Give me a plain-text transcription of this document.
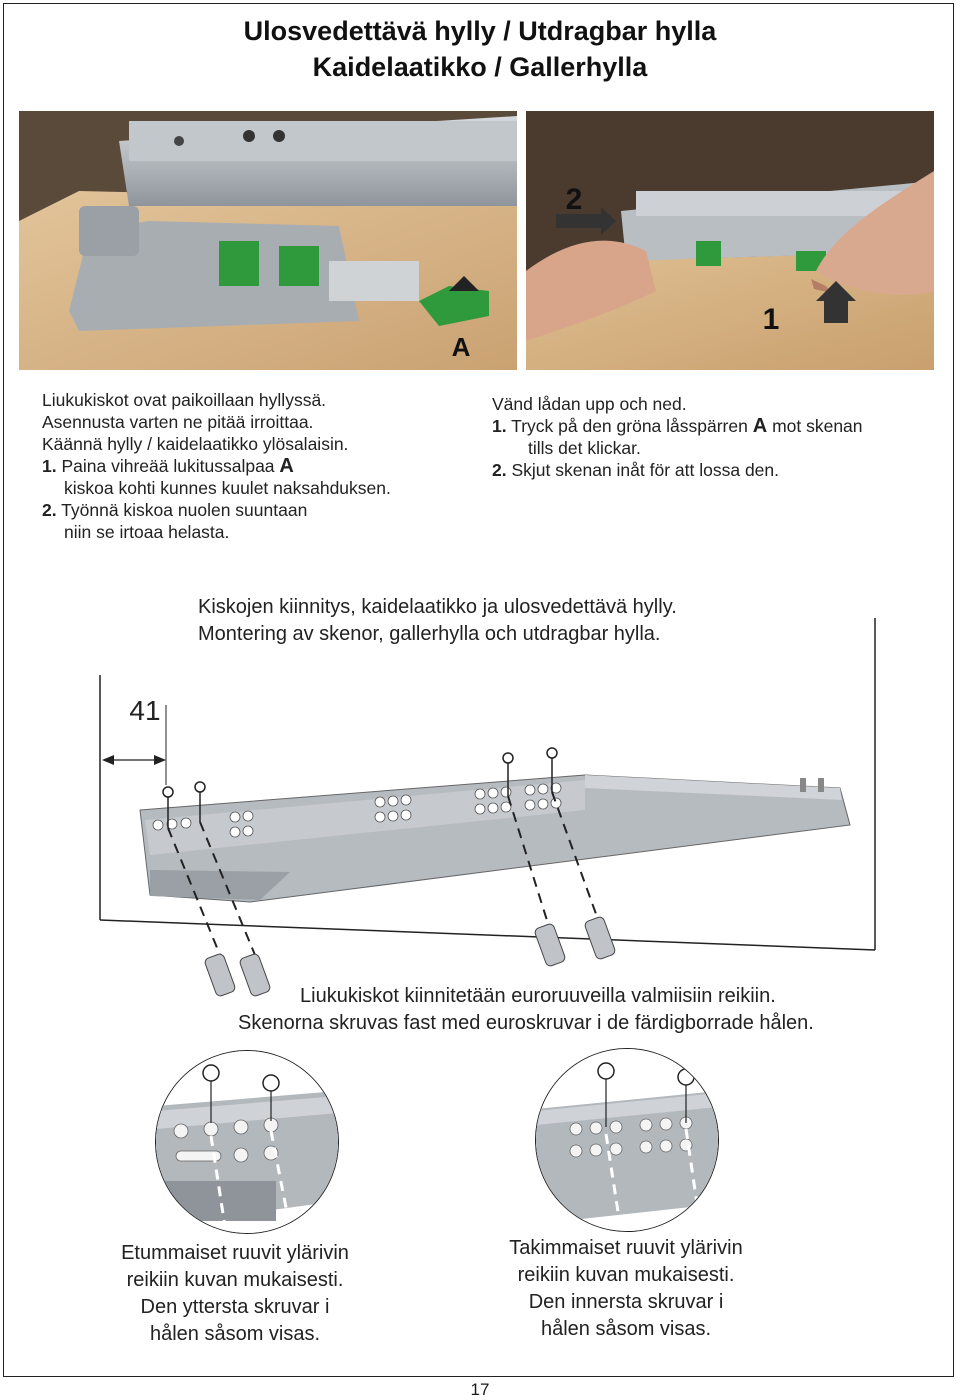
Ulosvedettävä hylly / Utdragbar hylla
Kaidelaatikko / Gallerhylla
A
2
1
Liukukiskot ovat paikoillaan hyllyssä.
Asennusta varten ne pitää irroittaa.
Käännä hylly / kaidelaatikko ylösalaisin.
1. Paina vihreää lukitussalpaa A
kiskoa kohti kunnes kuulet naksahduksen.
2. Työnnä kiskoa nuolen suuntaan
niin se irtoaa helasta.
Vänd lådan upp och ned.
1. Tryck på den gröna låsspärren A mot skenan
tills det klickar.
2. Skjut skenan inåt för att lossa den.
Kiskojen kiinnitys, kaidelaatikko ja ulosvedettävä hylly.
Montering av skenor, gallerhylla och utdragbar hylla.
41
Liukukiskot kiinnitetään euroruuveilla valmiisiin reikiin.
Skenorna skruvas fast med euroskruvar i de färdigborrade hålen.
Etummaiset ruuvit ylärivin
reikiin kuvan mukaisesti.
Den yttersta skruvar i
hålen såsom visas.
Takimmaiset ruuvit ylärivin
reikiin kuvan mukaisesti.
Den innersta skruvar i
hålen såsom visas.
17
